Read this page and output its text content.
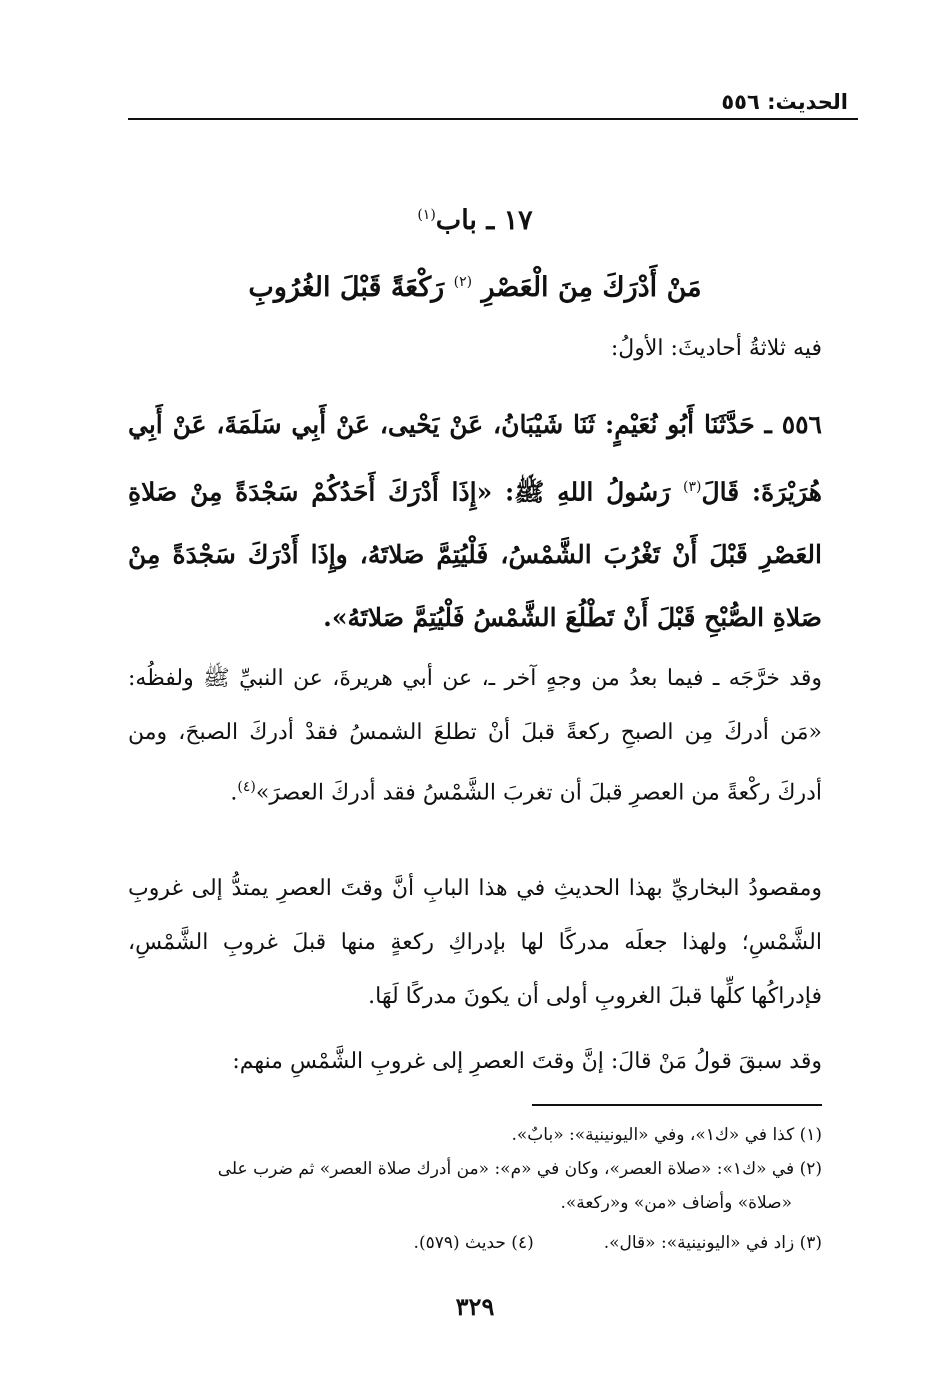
الحديث: ٥٥٦
١٧ ـ باب$^{(١)}$
مَنْ أَدْرَكَ مِنَ الْعَصْرِ $^{(٢)}$ رَكْعَةً قَبْلَ الغُرُوبِ
فيه ثلاثةُ أحاديثَ: الأولُ:
٥٥٦ ـ حَدَّثَنَا أَبُو نُعَيْمٍ: ثَنَا شَيْبَانُ، عَنْ يَحْيى، عَنْ أَبِي سَلَمَةَ، عَنْ أَبِي هُرَيْرَةَ: قَالَ$^{(٣)}$ رَسُولُ اللهِ ﷺ: «إِذَا أَدْرَكَ أَحَدُكُمْ سَجْدَةً مِنْ صَلاةِ العَصْرِ قَبْلَ أَنْ تَغْرُبَ الشَّمْسُ، فَلْيُتِمَّ صَلاتَهُ، وإِذَا أَدْرَكَ سَجْدَةً مِنْ صَلاةِ الصُّبْحِ قَبْلَ أَنْ تَطْلُعَ الشَّمْسُ فَلْيُتِمَّ صَلاتَهُ».
وقد خرَّجَه ـ فيما بعدُ من وجهٍ آخر ـ، عن أبي هريرةَ، عن النبيِّ ﷺ ولفظُه: «مَن أدركَ مِن الصبحِ ركعةً قبلَ أنْ تطلعَ الشمسُ فقدْ أدركَ الصبحَ، ومن أدركَ ركْعةً من العصرِ قبلَ أن تغربَ الشَّمْسُ فقد أدركَ العصرَ»$^{(٤)}$.
ومقصودُ البخاريِّ بهذا الحديثِ في هذا البابِ أنَّ وقتَ العصرِ يمتدُّ إلى غروبِ الشَّمْسِ؛ ولهذا جعلَه مدركًا لها بإدراكِ ركعةٍ منها قبلَ غروبِ الشَّمْسِ، فإدراكُها كلِّها قبلَ الغروبِ أولى أن يكونَ مدركًا لَهَا.
وقد سبقَ قولُ مَنْ قالَ: إنَّ وقتَ العصرِ إلى غروبِ الشَّمْسِ منهم:

(١) كذا في «ك١»، وفي «اليونينية»: «بابٌ».

(٢) في «ك١»: «صلاة العصر»، وكان في «م»: «من أدرك صلاة العصر» ثم ضرب على

«صلاة» وأضاف «من» و«ركعة».

(٣) زاد في «اليونينية»: «قال».

(٤) حديث (٥٧٩).

٣٢٩
